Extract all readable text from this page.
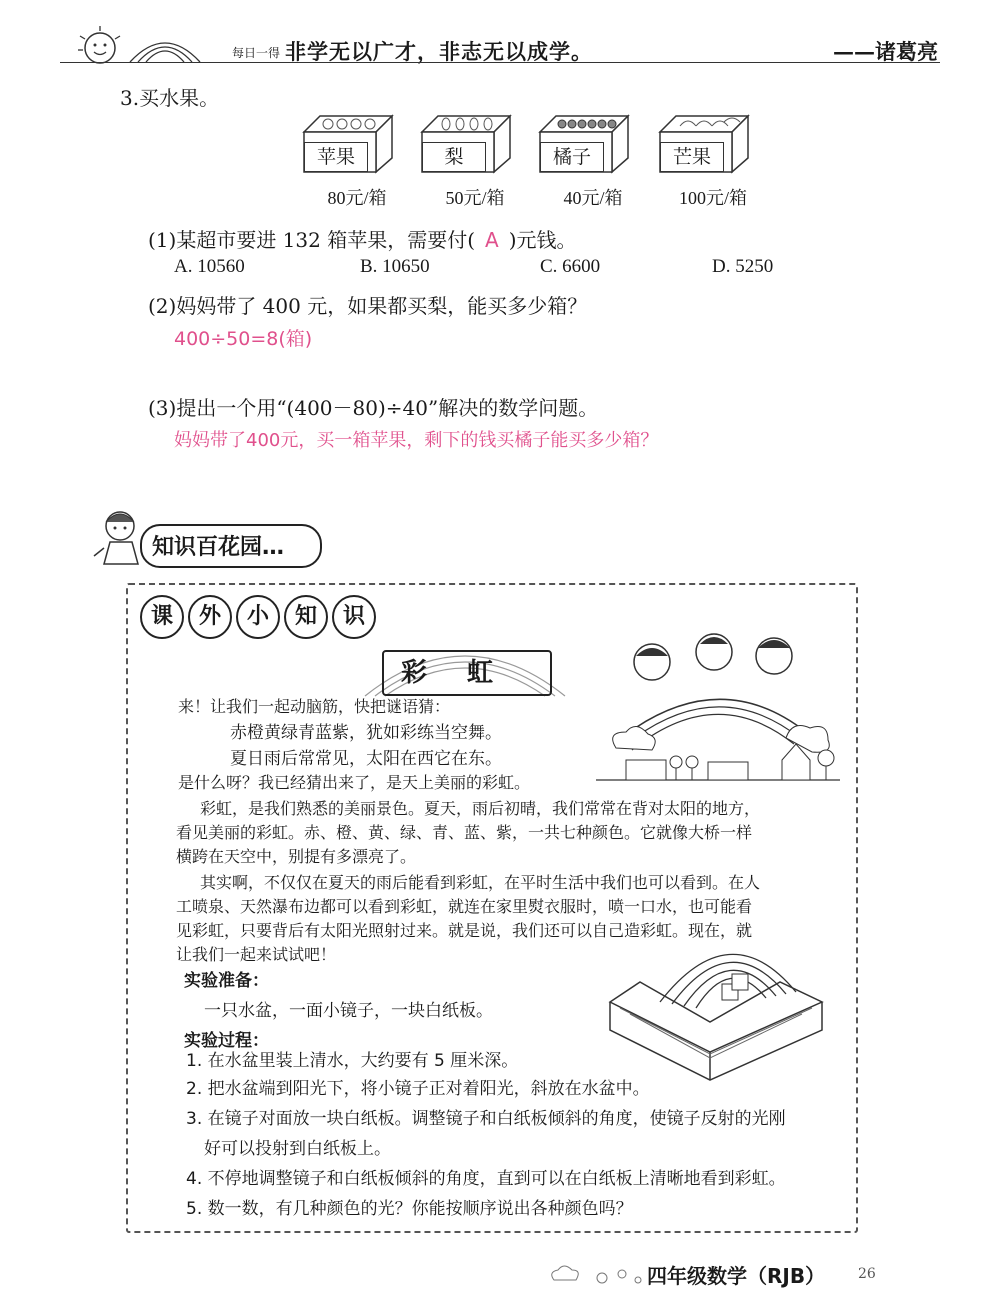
每日一得 非学无以广才，非志无以成学。	——诸葛亮
3.买水果。
苹果
80元/箱
梨
50元/箱
橘子
40元/箱
芒果
100元/箱
(1)某超市要进 132 箱苹果，需要付( A )元钱。
A. 10560	B. 10650	C. 6600	D. 5250
(2)妈妈带了 400 元，如果都买梨，能买多少箱？
400÷50=8(箱)
(3)提出一个用“(400－80)÷40”解决的数学问题。
妈妈带了400元，买一箱苹果，剩下的钱买橘子能买多少箱？
知识百花园…
课 外 小 知 识
彩虹
来！让我们一起动脑筋，快把谜语猜：
赤橙黄绿青蓝紫，犹如彩练当空舞。
夏日雨后常常见，太阳在西它在东。
是什么呀？我已经猜出来了，是天上美丽的彩虹。
彩虹，是我们熟悉的美丽景色。夏天，雨后初晴，我们常常在背对太阳的地方，
看见美丽的彩虹。赤、橙、黄、绿、青、蓝、紫，一共七种颜色。它就像大桥一样
横跨在天空中，别提有多漂亮了。
其实啊，不仅仅在夏天的雨后能看到彩虹，在平时生活中我们也可以看到。在人
工喷泉、天然瀑布边都可以看到彩虹，就连在家里熨衣服时，喷一口水，也可能看
见彩虹，只要背后有太阳光照射过来。就是说，我们还可以自己造彩虹。现在，就
让我们一起来试试吧！
实验准备：
一只水盆，一面小镜子，一块白纸板。
实验过程：
1. 在水盆里装上清水，大约要有 5 厘米深。
2. 把水盆端到阳光下，将小镜子正对着阳光，斜放在水盆中。
3. 在镜子对面放一块白纸板。调整镜子和白纸板倾斜的角度，使镜子反射的光刚
好可以投射到白纸板上。
4. 不停地调整镜子和白纸板倾斜的角度，直到可以在白纸板上清晰地看到彩虹。
5. 数一数，有几种颜色的光？你能按顺序说出各种颜色吗？
四年级数学（RJB） 26
